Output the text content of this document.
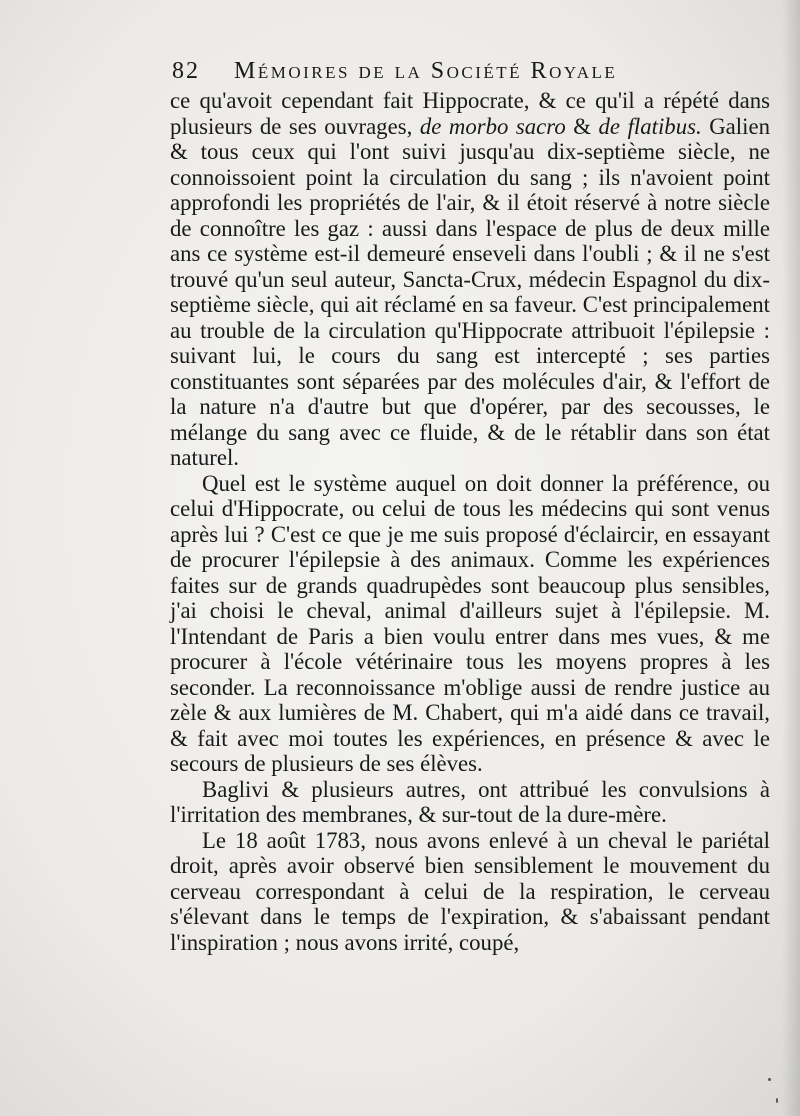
82 Mémoires de la Société Royale

ce qu'avoit cependant fait Hippocrate, & ce qu'il a répété dans plusieurs de ses ouvrages, de morbo sacro & de flatibus. Galien & tous ceux qui l'ont suivi jusqu'au dix-septième siècle, ne connoissoient point la circulation du sang ; ils n'avoient point approfondi les propriétés de l'air, & il étoit réservé à notre siècle de connoître les gaz : aussi dans l'espace de plus de deux mille ans ce système est-il demeuré enseveli dans l'oubli ; & il ne s'est trouvé qu'un seul auteur, Sancta-Crux, médecin Espagnol du dix-septième siècle, qui ait réclamé en sa faveur. C'est principalement au trouble de la circulation qu'Hippocrate attribuoit l'épilepsie : suivant lui, le cours du sang est intercepté ; ses parties constituantes sont séparées par des molécules d'air, & l'effort de la nature n'a d'autre but que d'opérer, par des secousses, le mélange du sang avec ce fluide, & de le rétablir dans son état naturel.

Quel est le système auquel on doit donner la préférence, ou celui d'Hippocrate, ou celui de tous les médecins qui sont venus après lui ? C'est ce que je me suis proposé d'éclaircir, en essayant de procurer l'épilepsie à des animaux. Comme les expériences faites sur de grands quadrupèdes sont beaucoup plus sensibles, j'ai choisi le cheval, animal d'ailleurs sujet à l'épilepsie. M. l'Intendant de Paris a bien voulu entrer dans mes vues, & me procurer à l'école vétérinaire tous les moyens propres à les seconder. La reconnoissance m'oblige aussi de rendre justice au zèle & aux lumières de M. Chabert, qui m'a aidé dans ce travail, & fait avec moi toutes les expériences, en présence & avec le secours de plusieurs de ses élèves.

Baglivi & plusieurs autres, ont attribué les convulsions à l'irritation des membranes, & sur-tout de la dure-mère.

Le 18 août 1783, nous avons enlevé à un cheval le pariétal droit, après avoir observé bien sensiblement le mouvement du cerveau correspondant à celui de la respiration, le cerveau s'élevant dans le temps de l'expiration, & s'abaissant pendant l'inspiration ; nous avons irrité, coupé,
